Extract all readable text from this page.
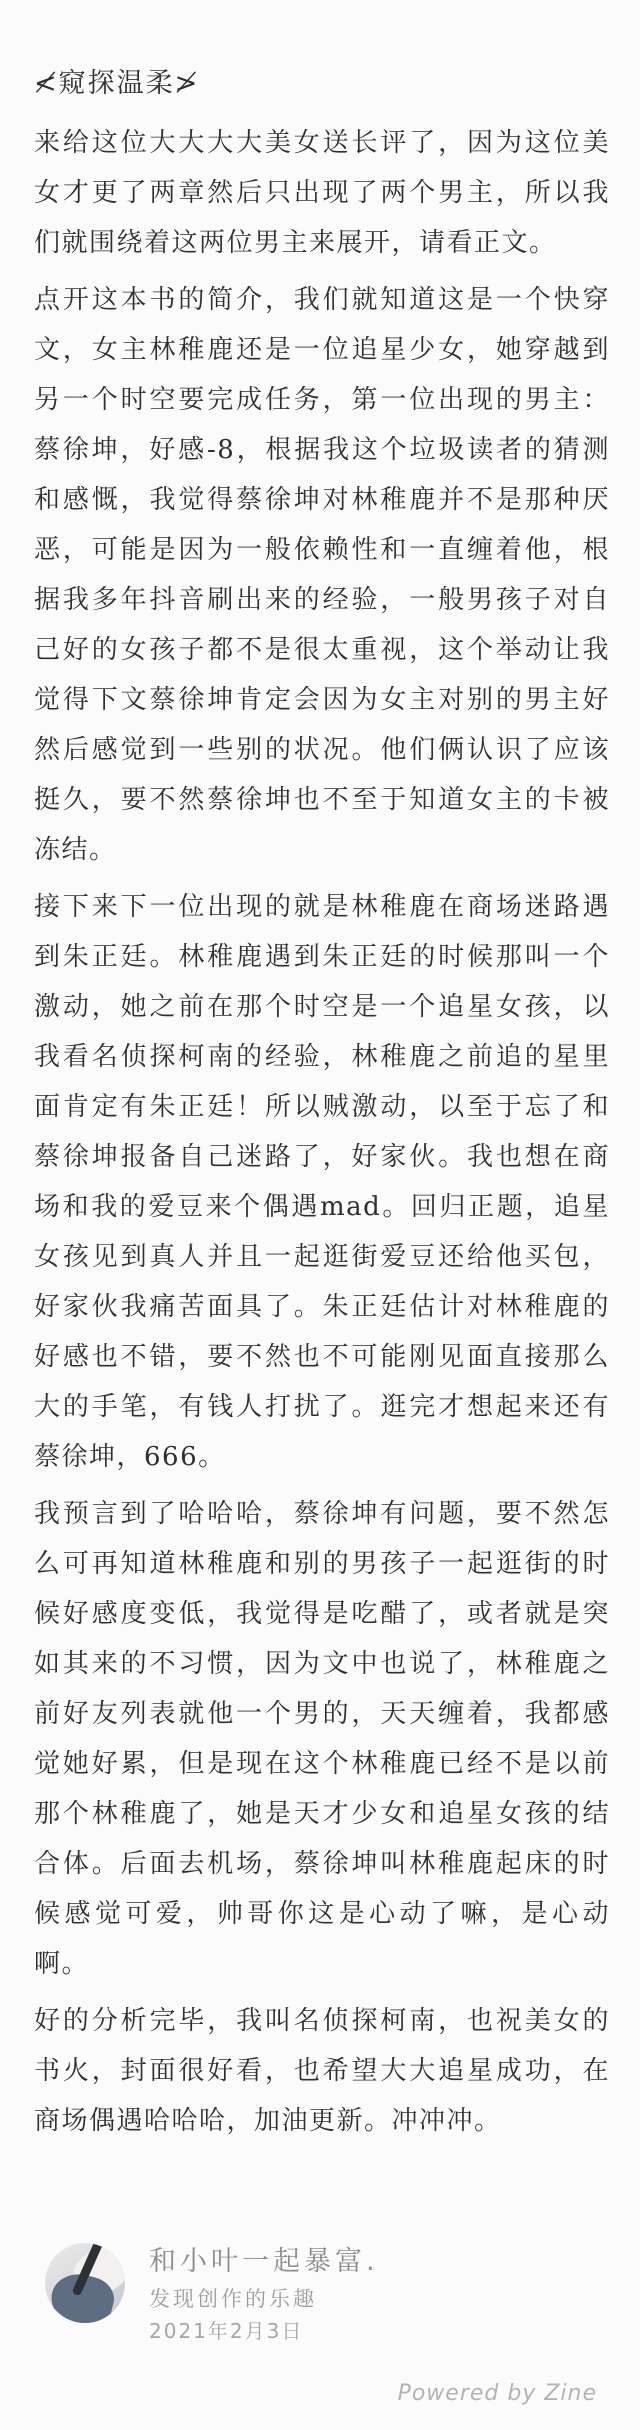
≮窥探温柔≯

来给这位大大大大美女送长评了，因为这位美女才更了两章然后只出现了两个男主，所以我们就围绕着这两位男主来展开，请看正文。

点开这本书的简介，我们就知道这是一个快穿文，女主林稚鹿还是一位追星少女，她穿越到另一个时空要完成任务，第一位出现的男主：蔡徐坤，好感-8，根据我这个垃圾读者的猜测和感慨，我觉得蔡徐坤对林稚鹿并不是那种厌恶，可能是因为一般依赖性和一直缠着他，根据我多年抖音刷出来的经验，一般男孩子对自己好的女孩子都不是很太重视，这个举动让我觉得下文蔡徐坤肯定会因为女主对别的男主好然后感觉到一些别的状况。他们俩认识了应该挺久，要不然蔡徐坤也不至于知道女主的卡被冻结。

接下来下一位出现的就是林稚鹿在商场迷路遇到朱正廷。林稚鹿遇到朱正廷的时候那叫一个激动，她之前在那个时空是一个追星女孩，以我看名侦探柯南的经验，林稚鹿之前追的星里面肯定有朱正廷！所以贼激动，以至于忘了和蔡徐坤报备自己迷路了，好家伙。我也想在商场和我的爱豆来个偶遇mad。回归正题，追星女孩见到真人并且一起逛街爱豆还给他买包，好家伙我痛苦面具了。朱正廷估计对林稚鹿的好感也不错，要不然也不可能刚见面直接那么大的手笔，有钱人打扰了。逛完才想起来还有蔡徐坤，666。

我预言到了哈哈哈，蔡徐坤有问题，要不然怎么可再知道林稚鹿和别的男孩子一起逛街的时候好感度变低，我觉得是吃醋了，或者就是突如其来的不习惯，因为文中也说了，林稚鹿之前好友列表就他一个男的，天天缠着，我都感觉她好累，但是现在这个林稚鹿已经不是以前那个林稚鹿了，她是天才少女和追星女孩的结合体。后面去机场，蔡徐坤叫林稚鹿起床的时候感觉可爱，帅哥你这是心动了嘛，是心动啊。

好的分析完毕，我叫名侦探柯南，也祝美女的书火，封面很好看，也希望大大追星成功，在商场偶遇哈哈哈，加油更新。冲冲冲。

和小叶一起暴富.
发现创作的乐趣
2021年2月3日
Powered by Zine
